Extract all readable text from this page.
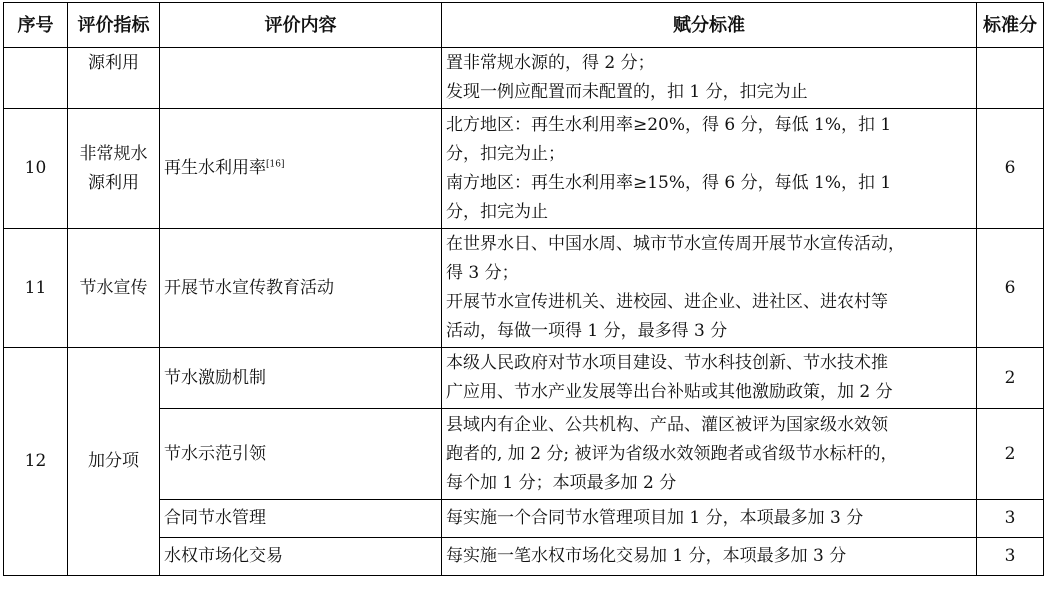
序号	评价指标	评价内容	赋分标准	标准分
	源利用		置非常规水源的，得 2 分；
发现一例应配置而未配置的，扣 1 分，扣完为止	

10	非常规水
源利用	再生水利用率[16]	北方地区：再生水利用率≥20%，得 6 分，每低 1%，扣 1
分，扣完为止；
南方地区：再生水利用率≥15%，得 6 分，每低 1%，扣 1
分，扣完为止	6
11	节水宣传	开展节水宣传教育活动	在世界水日、中国水周、城市节水宣传周开展节水宣传活动，
得 3 分；
开展节水宣传进机关、进校园、进企业、进社区、进农村等
活动，每做一项得 1 分，最多得 3 分	6
12	加分项	节水激励机制	本级人民政府对节水项目建设、节水科技创新、节水技术推
广应用、节水产业发展等出台补贴或其他激励政策，加 2 分	2
		节水示范引领	县域内有企业、公共机构、产品、灌区被评为国家级水效领
跑者的, 加 2 分; 被评为省级水效领跑者或省级节水标杆的，
每个加 1 分；本项最多加 2 分	2
		合同节水管理	每实施一个合同节水管理项目加 1 分，本项最多加 3 分	3
		水权市场化交易	每实施一笔水权市场化交易加 1 分，本项最多加 3 分	3
